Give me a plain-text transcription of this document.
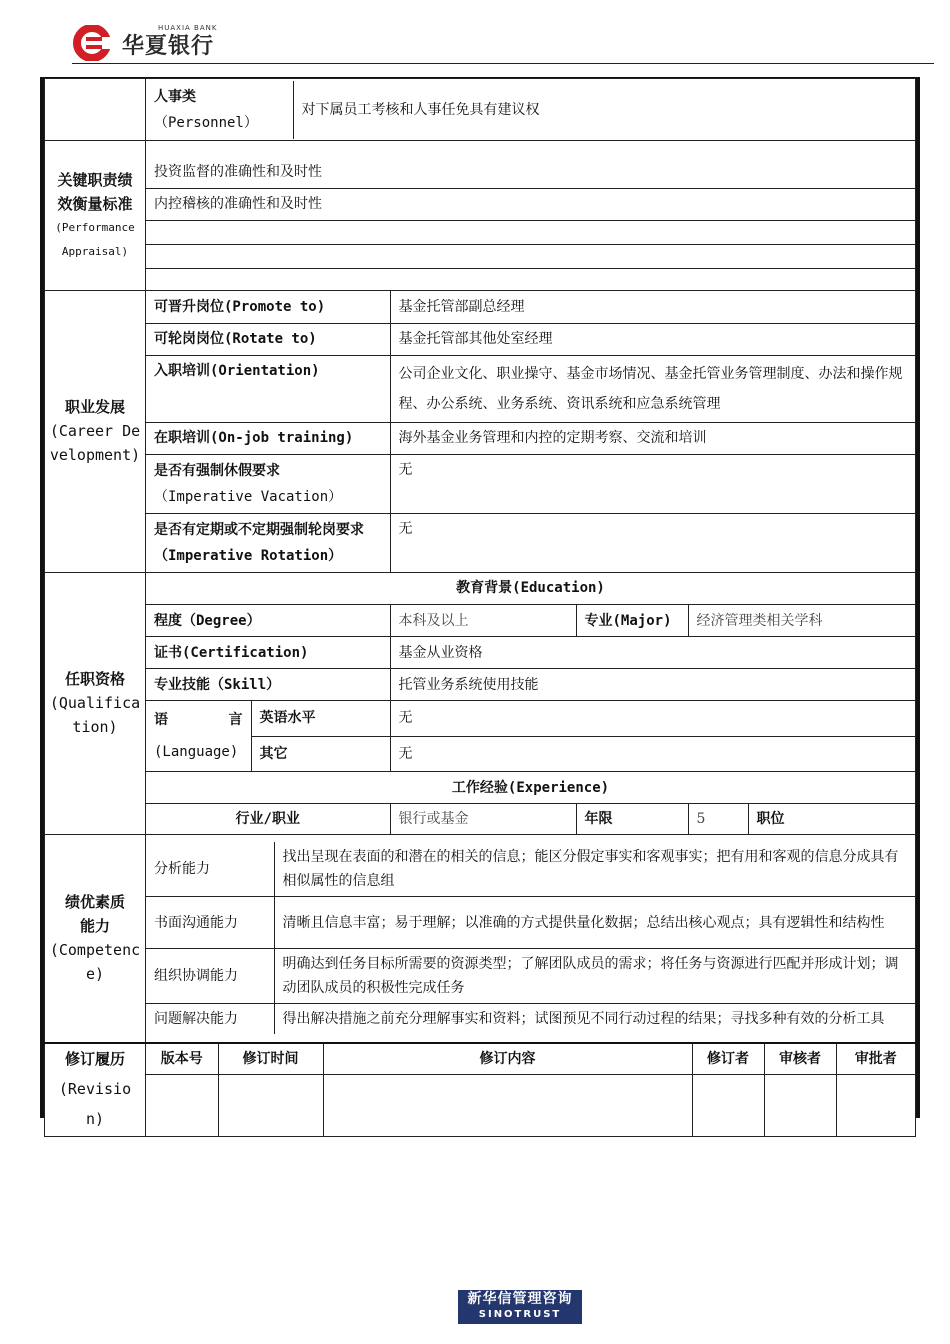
HUAXIA BANK
华夏银行

人事类
（Personnel）
	对下属员工考核和人事任免具有建议权

关键职责绩效衡量标准
(Performance Appraisal)

投资监督的准确性和及时性
内控稽核的准确性和及时性

职业发展
(Career Development)

可晋升岗位(Promote to)	基金托管部副总经理
可轮岗岗位(Rotate to)	基金托管部其他处室经理
入职培训(Orientation)	公司企业文化、职业操守、基金市场情况、基金托管业务管理制度、办法和操作规程、办公系统、业务系统、资讯系统和应急系统管理
在职培训(On-job training)	海外基金业务管理和内控的定期考察、交流和培训

是否有强制休假要求
（Imperative Vacation）
	无
是否有定期或不定期强制轮岗要求（Imperative Rotation）	无

任职资格
(Qualification)

教育背景(Education)
程度（Degree）	本科及以上	专业(Major)	经济管理类相关学科
证书(Certification)	基金从业资格
专业技能（Skill）	托管业务系统使用技能

语 言
(Language)
	英语水平	无
其它	无
工作经验(Experience)
行业/职业	银行或基金	年限	5	职位

绩优素质能力
(Competence)

分析能力	找出呈现在表面的和潜在的相关的信息；能区分假定事实和客观事实；把有用和客观的信息分成具有相似属性的信息组
书面沟通能力	清晰且信息丰富；易于理解；以准确的方式提供量化数据；总结出核心观点；具有逻辑性和结构性
组织协调能力	明确达到任务目标所需要的资源类型；了解团队成员的需求；将任务与资源进行匹配并形成计划；调动团队成员的积极性完成任务
问题解决能力	得出解决措施之前充分理解事实和资料；试图预见不同行动过程的结果；寻找多种有效的分析工具

修订履历
(Revision)

版本号	修订时间	修订内容	修订者	审核者	审批者

新华信管理咨询
SINOTRUST
